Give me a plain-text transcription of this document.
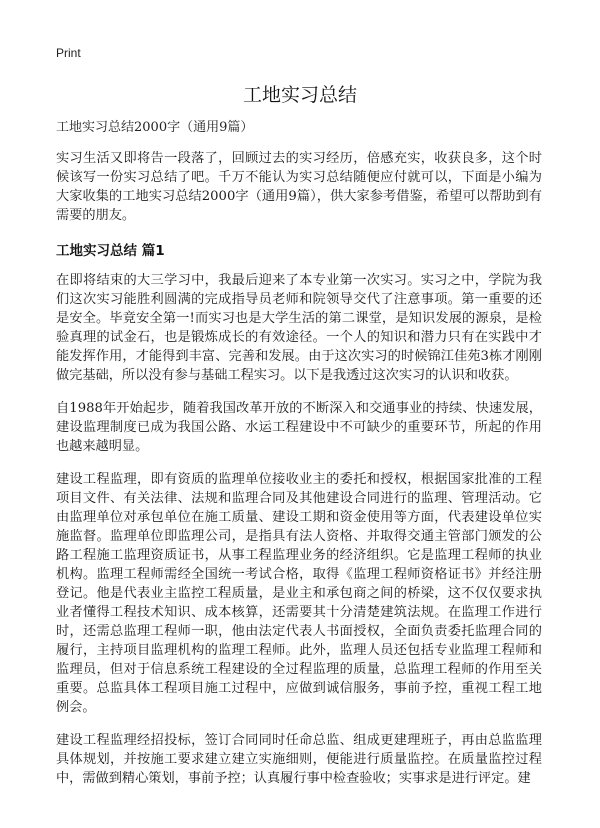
Print
工地实习总结
工地实习总结2000字（通用9篇）

实习生活又即将告一段落了，回顾过去的实习经历，倍感充实，收获良多，这个时候该写一份实习总结了吧。千万不能认为实习总结随便应付就可以，下面是小编为大家收集的工地实习总结2000字（通用9篇），供大家参考借鉴，希望可以帮助到有需要的朋友。

工地实习总结 篇1

在即将结束的大三学习中，我最后迎来了本专业第一次实习。实习之中，学院为我们这次实习能胜利圆满的完成指导员老师和院领导交代了注意事项。第一重要的还是安全。毕竟安全第一!而实习也是大学生活的第二课堂，是知识发展的源泉，是检验真理的试金石，也是锻炼成长的有效途径。一个人的知识和潜力只有在实践中才能发挥作用，才能得到丰富、完善和发展。由于这次实习的时候锦江佳苑3栋才刚刚做完基础，所以没有参与基础工程实习。以下是我透过这次实习的认识和收获。

自1988年开始起步，随着我国改革开放的不断深入和交通事业的持续、快速发展，建设监理制度已成为我国公路、水运工程建设中不可缺少的重要环节，所起的作用也越来越明显。

建设工程监理，即有资质的监理单位接收业主的委托和授权，根据国家批准的工程项目文件、有关法律、法规和监理合同及其他建设合同进行的监理、管理活动。它由监理单位对承包单位在施工质量、建设工期和资金使用等方面，代表建设单位实施监督。监理单位即监理公司，是指具有法人资格、并取得交通主管部门颁发的公路工程施工监理资质证书，从事工程监理业务的经济组织。它是监理工程师的执业机构。监理工程师需经全国统一考试合格，取得《监理工程师资格证书》并经注册登记。他是代表业主监控工程质量，是业主和承包商之间的桥梁，这不仅仅要求执业者懂得工程技术知识、成本核算，还需要其十分清楚建筑法规。在监理工作进行时，还需总监理工程师一职，他由法定代表人书面授权，全面负责委托监理合同的履行，主持项目监理机构的监理工程师。此外，监理人员还包括专业监理工程师和监理员，但对于信息系统工程建设的全过程监理的质量，总监理工程师的作用至关重要。总监具体工程项目施工过程中，应做到诚信服务，事前予控，重视工程工地例会。

建设工程监理经招投标，签订合同同时任命总监、组成更建理班子，再由总监监理具体规划，并按施工要求建立建立实施细则，便能进行质量监控。在质量监控过程中，需做到精心策划，事前予控；认真履行事中检查验收；实事求是进行评定。建
